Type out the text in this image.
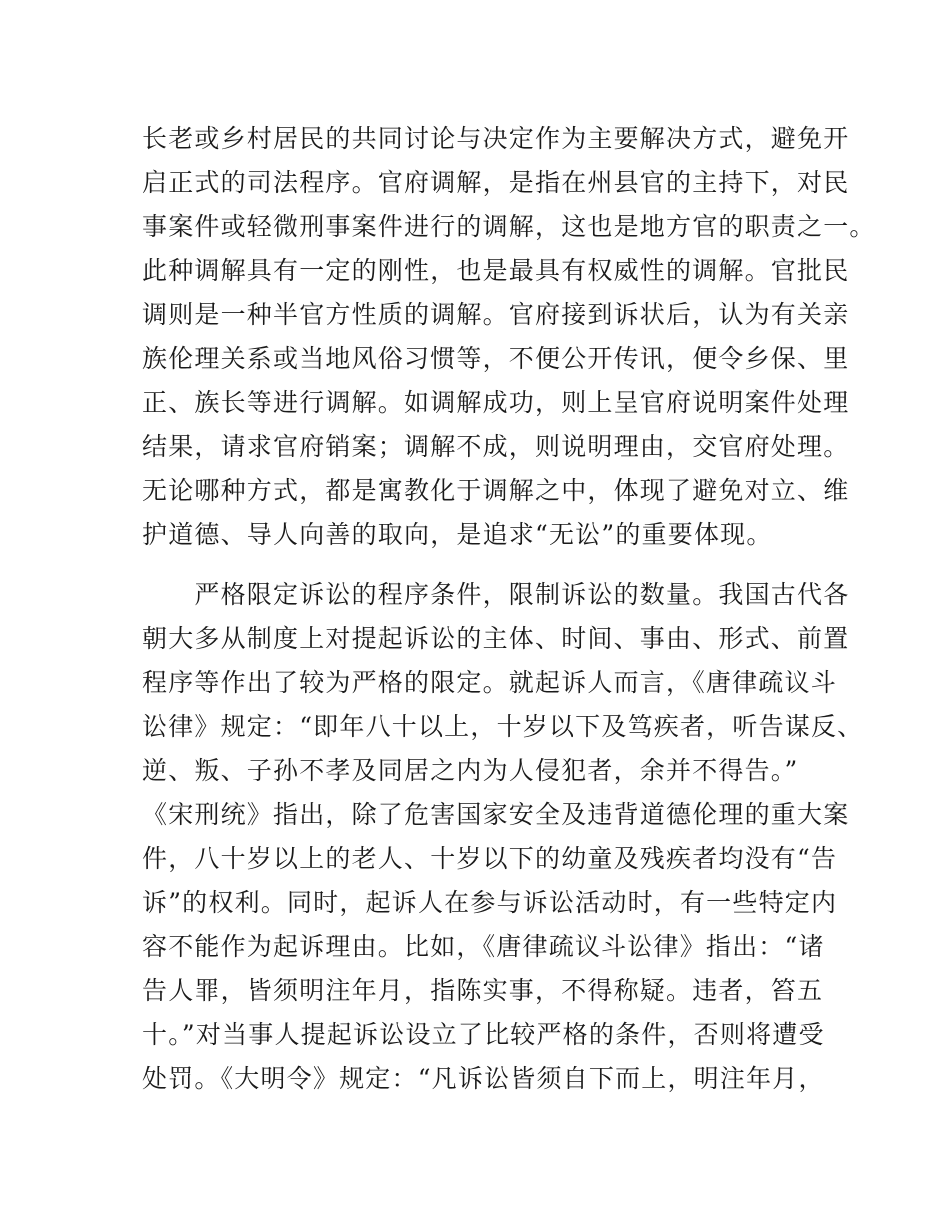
长老或乡村居民的共同讨论与决定作为主要解决方式，避免开
启正式的司法程序。官府调解，是指在州县官的主持下，对民
事案件或轻微刑事案件进行的调解，这也是地方官的职责之一。
此种调解具有一定的刚性，也是最具有权威性的调解。官批民
调则是一种半官方性质的调解。官府接到诉状后，认为有关亲
族伦理关系或当地风俗习惯等，不便公开传讯，便令乡保、里
正、族长等进行调解。如调解成功，则上呈官府说明案件处理
结果，请求官府销案；调解不成，则说明理由，交官府处理。
无论哪种方式，都是寓教化于调解之中，体现了避免对立、维
护道德、导人向善的取向，是追求“无讼”的重要体现。
　　严格限定诉讼的程序条件，限制诉讼的数量。我国古代各
朝大多从制度上对提起诉讼的主体、时间、事由、形式、前置
程序等作出了较为严格的限定。就起诉人而言，《唐律疏议斗
讼律》规定：“即年八十以上，十岁以下及笃疾者，听告谋反、
逆、叛、子孙不孝及同居之内为人侵犯者，余并不得告。”
《宋刑统》指出，除了危害国家安全及违背道德伦理的重大案
件，八十岁以上的老人、十岁以下的幼童及残疾者均没有“告
诉”的权利。同时，起诉人在参与诉讼活动时，有一些特定内
容不能作为起诉理由。比如，《唐律疏议斗讼律》指出：“诸
告人罪，皆须明注年月，指陈实事，不得称疑。违者，笞五
十。”对当事人提起诉讼设立了比较严格的条件，否则将遭受
处罚。《大明令》规定：“凡诉讼皆须自下而上，明注年月，
